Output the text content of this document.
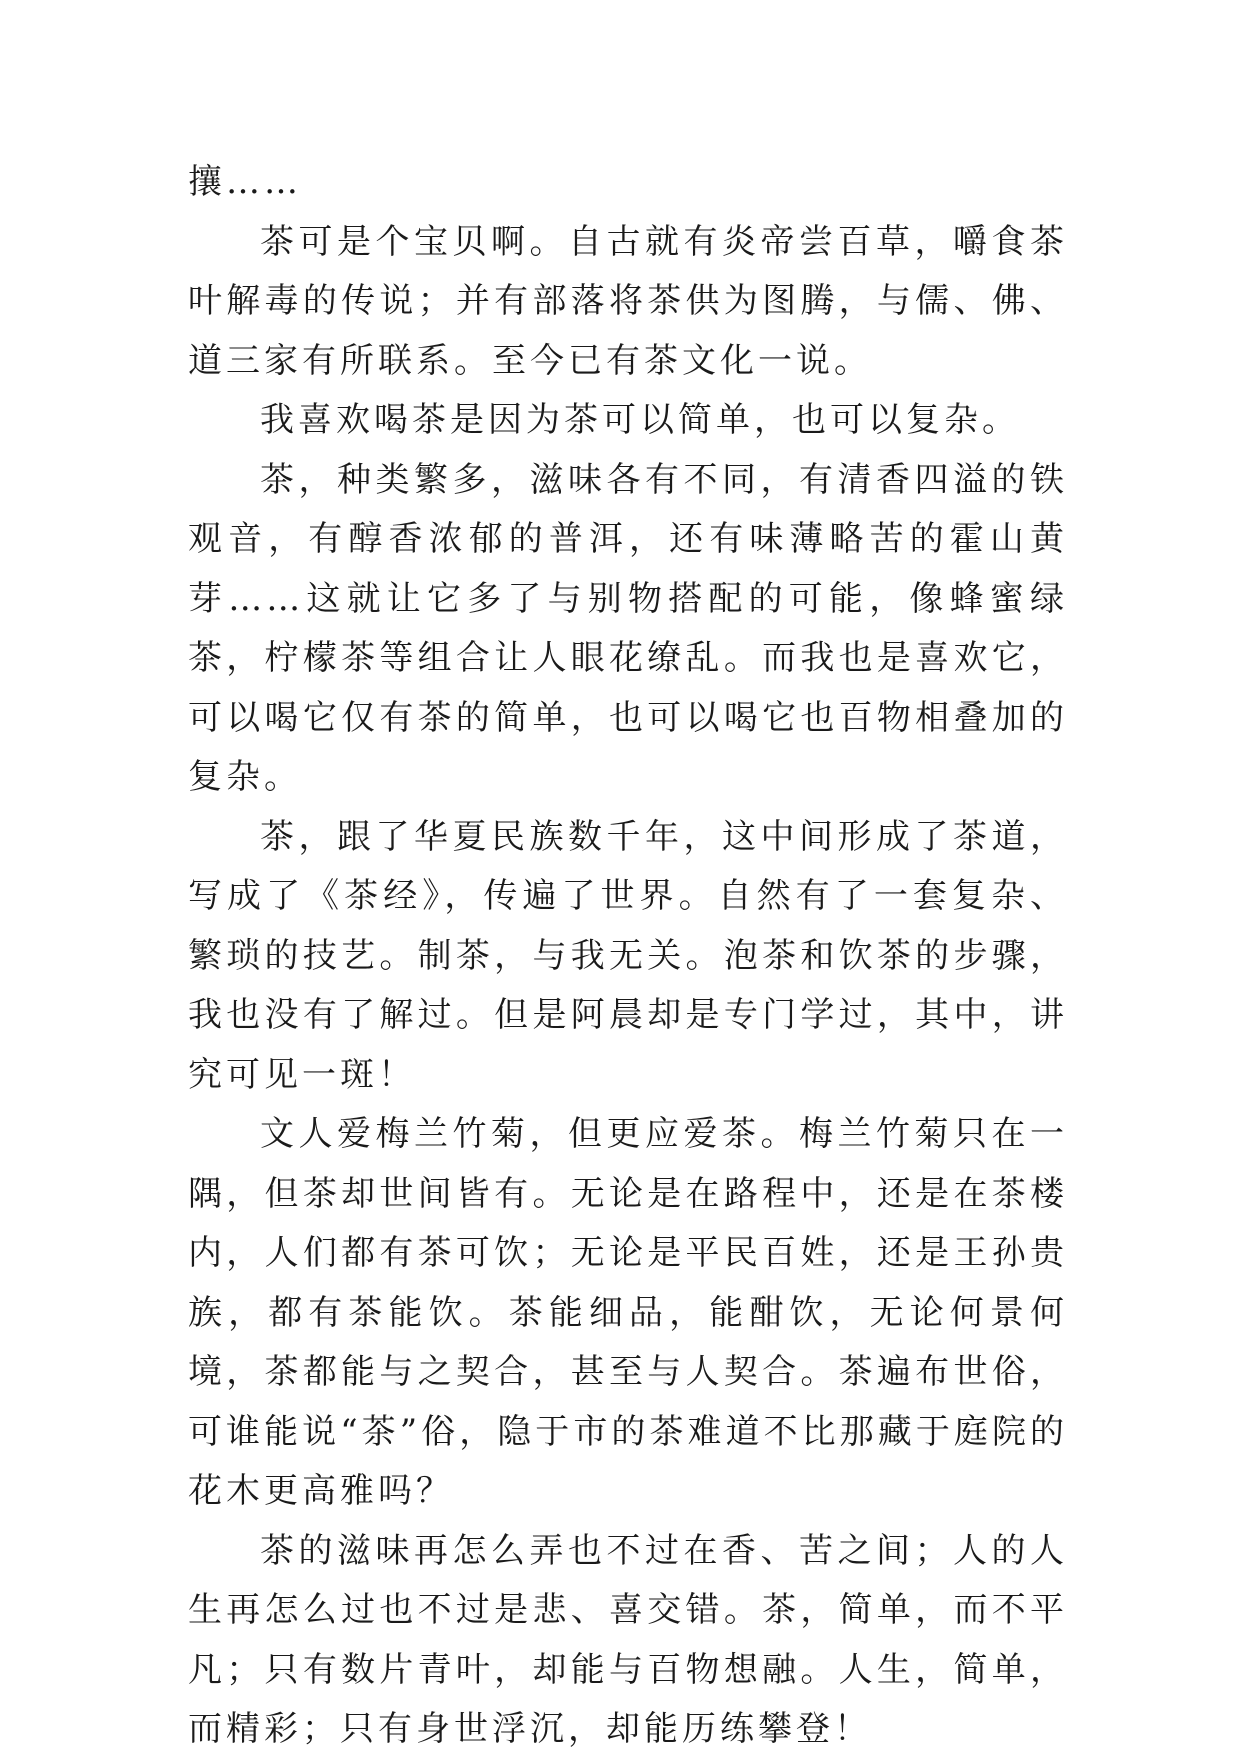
攘……

茶可是个宝贝啊。自古就有炎帝尝百草，嚼食茶叶解毒的传说；并有部落将茶供为图腾，与儒、佛、道三家有所联系。至今已有茶文化一说。

我喜欢喝茶是因为茶可以简单，也可以复杂。

茶，种类繁多，滋味各有不同，有清香四溢的铁观音，有醇香浓郁的普洱，还有味薄略苦的霍山黄芽……这就让它多了与别物搭配的可能，像蜂蜜绿茶，柠檬茶等组合让人眼花缭乱。而我也是喜欢它，可以喝它仅有茶的简单，也可以喝它也百物相叠加的复杂。

茶，跟了华夏民族数千年，这中间形成了茶道，写成了《茶经》，传遍了世界。自然有了一套复杂、繁琐的技艺。制茶，与我无关。泡茶和饮茶的步骤，我也没有了解过。但是阿晨却是专门学过，其中，讲究可见一斑！

文人爱梅兰竹菊，但更应爱茶。梅兰竹菊只在一隅，但茶却世间皆有。无论是在路程中，还是在茶楼内，人们都有茶可饮；无论是平民百姓，还是王孙贵族，都有茶能饮。茶能细品，能酣饮，无论何景何境，茶都能与之契合，甚至与人契合。茶遍布世俗，可谁能说“茶”俗，隐于市的茶难道不比那藏于庭院的花木更高雅吗？

茶的滋味再怎么弄也不过在香、苦之间；人的人生再怎么过也不过是悲、喜交错。茶，简单，而不平凡；只有数片青叶，却能与百物想融。人生，简单，而精彩；只有身世浮沉，却能历练攀登！
